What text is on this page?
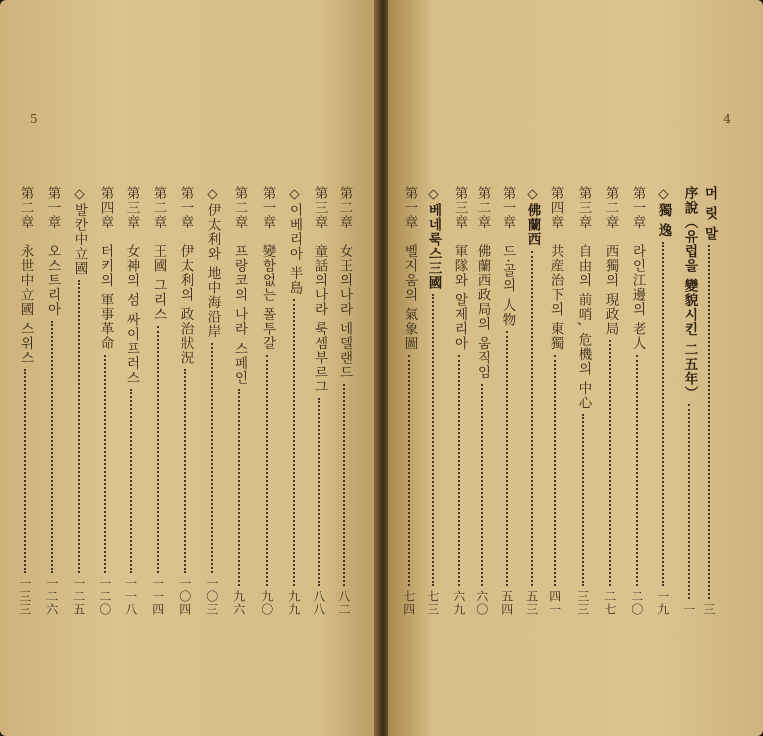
5
第二章　女王의나라 네델랜드
八二
第三章　童話의나라 룩셈부르그
八八
◇이베리아 半島
九九
第一章　變함없는 폴투갈
九〇
第二章　프랑코의 나라 스페인
九六
◇伊太利와 地中海沿岸
一〇三
第一章　伊太利의 政治狀況
一〇四
第二章　王國 그리스
一一四
第三章　女神의 섬 싸이프러스
一一八
第四章　터키의 軍事革命
一二〇
◇발칸中立國
一二五
第一章　오스트리아
一二六
第二章　永世中立國 스위스
一三三
4
머 릿 말
三
序說（유럽을 變貌시킨 二五年）
一
◇獨 逸
一九
第一章　라인江邊의 老人
二〇
第二章　西獨의 現政局
二七
第三章　自由의 前哨, 危機의 中心
三三
第四章　共産治下의 東獨
四一
◇佛蘭西
五三
第一章　드·골의 人物
五四
第二章　佛蘭西政局의 움직임
六〇
第三章　軍隊와 알제리아
六九
◇베네룩스三國
七三
第一章　벨지움의 氣象圖
七四
